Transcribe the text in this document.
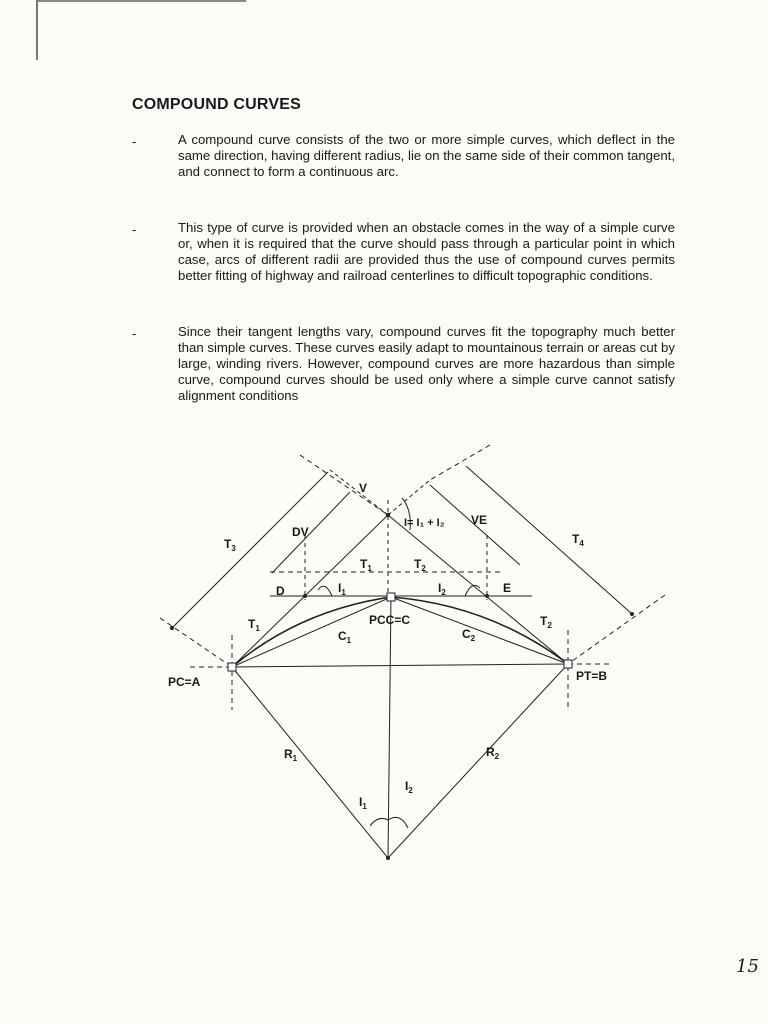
COMPOUND CURVES
-	A compound curve consists of the two or more simple curves, which deflect in the same direction, having different radius, lie on the same side of their common tangent, and connect to form a continuous arc.

-	This type of curve is provided when an obstacle comes in the way of a simple curve or, when it is required that the curve should pass through a particular point in which case, arcs of different radii are provided thus the use of compound curves permits better fitting of highway and railroad centerlines to difficult topographic conditions.

-	Since their tangent lengths vary, compound curves fit the topography much better than simple curves. These curves easily adapt to mountainous terrain or areas cut by large, winding rivers. However, compound curves are more hazardous than simple curve, compound curves should be used only where a simple curve cannot satisfy alignment conditions

V
DV
I= I₁ + I₂ VE
$T_3$
$T_4$
$T_1$	$T_2$
D	E
$I_1$	$I_2$
$T_1$
$T_2$
PCC=C
$C_1$	$C_2$
PC=A	PT=B
$R_1$	$R_2$
$I_1$
$I_2$
15
